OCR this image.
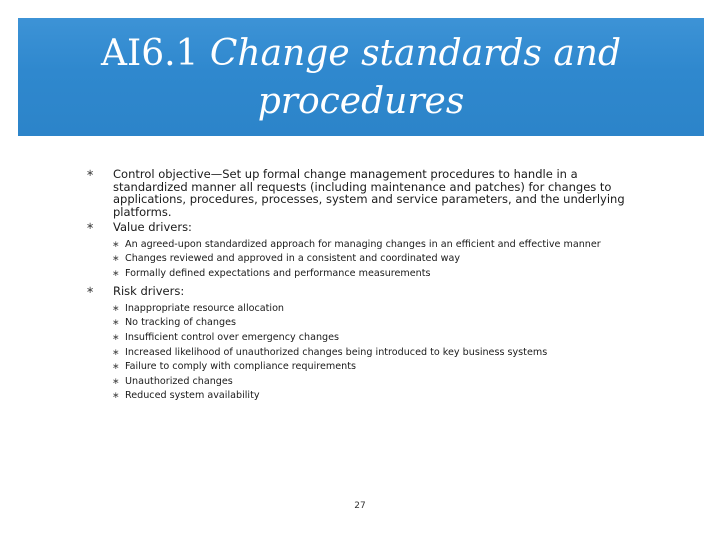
AI6.1 Change standards and procedures
∗ Control objective—Set up formal change management procedures to handle in a standardized manner all requests (including maintenance and patches) for changes to applications, procedures, processes, system and service parameters, and the underlying platforms.
∗ Value drivers:
∗ An agreed-upon standardized approach for managing changes in an efficient and effective manner
∗ Changes reviewed and approved in a consistent and coordinated way
∗ Formally defined expectations and performance measurements
∗ Risk drivers:
∗ Inappropriate resource allocation
∗ No tracking of changes
∗ Insufficient control over emergency changes
∗ Increased likelihood of unauthorized changes being introduced to key business systems
∗ Failure to comply with compliance requirements
∗ Unauthorized changes
∗ Reduced system availability
27
